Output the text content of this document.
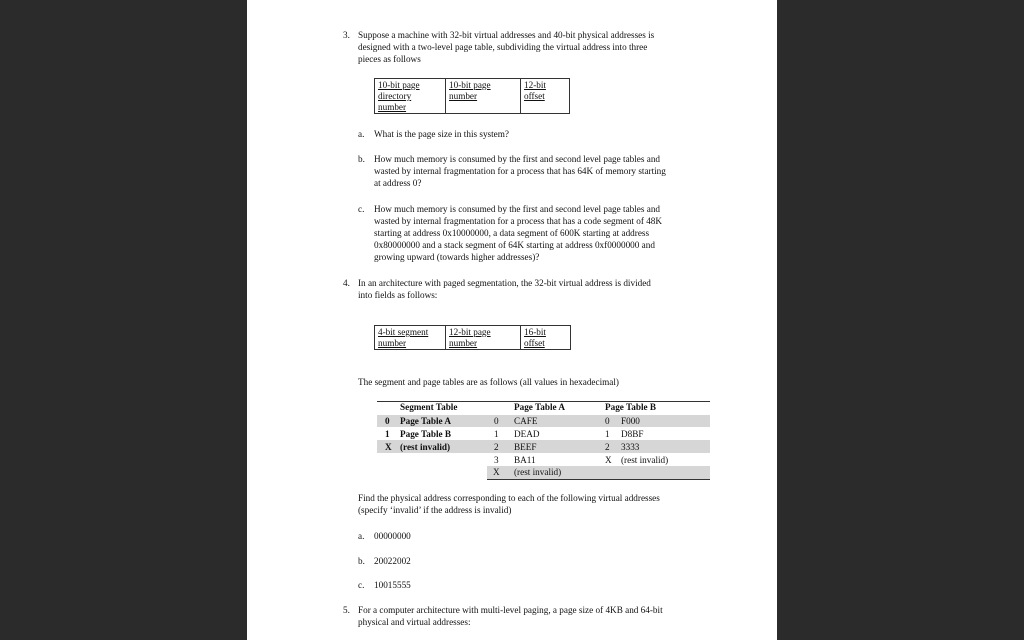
3. Suppose a machine with 32-bit virtual addresses and 40-bit physical addresses is
designed with a two-level page table, subdividing the virtual address into three
pieces as follows
10-bit page
directory
number
10-bit page
number
12-bit
offset
a. What is the page size in this system?
b. How much memory is consumed by the first and second level page tables and
wasted by internal fragmentation for a process that has 64K of memory starting
at address 0?
c. How much memory is consumed by the first and second level page tables and
wasted by internal fragmentation for a process that has a code segment of 48K
starting at address 0x10000000, a data segment of 600K starting at address
0x80000000 and a stack segment of 64K starting at address 0xf0000000 and
growing upward (towards higher addresses)?
4. In an architecture with paged segmentation, the 32-bit virtual address is divided
into fields as follows:
4-bit segment
number
12-bit page
number
16-bit
offset
The segment and page tables are as follows (all values in hexadecimal)
Segment Table	Page Table A	Page Table B
0 Page Table A
1 Page Table B
X (rest invalid)
0 CAFE
1 DEAD
2 BEEF
3 BA11
X (rest invalid)
0 F000
1 D8BF
2 3333
X (rest invalid)
Find the physical address corresponding to each of the following virtual addresses
(specify ‘invalid’ if the address is invalid)
a. 00000000
b. 20022002
c. 10015555
5. For a computer architecture with multi-level paging, a page size of 4KB and 64-bit
physical and virtual addresses:
